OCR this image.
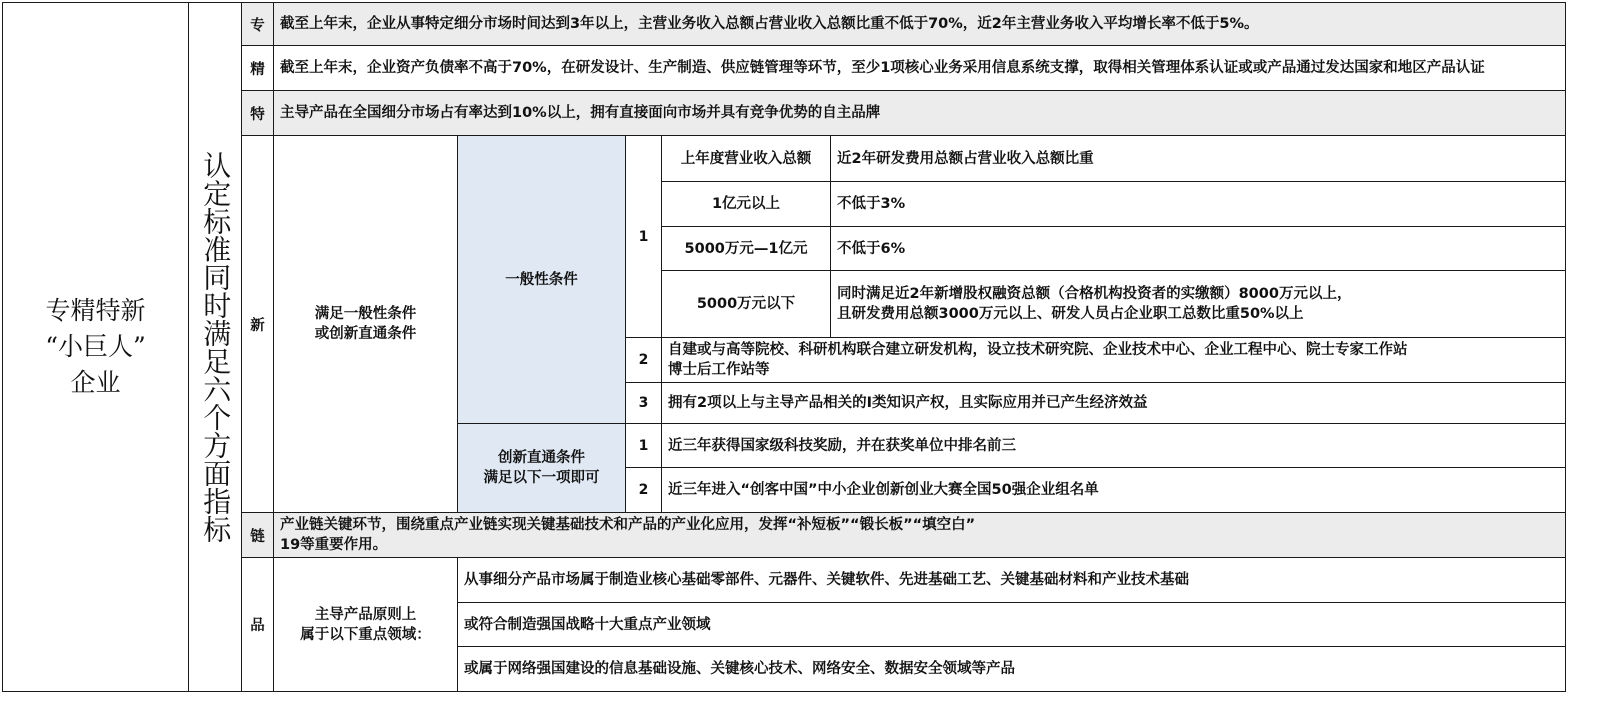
专精特新
“小巨人”
企业	认定标准同时满足六个方面指标
专 截至上年末，企业从事特定细分市场时间达到3年以上，主营业务收入总额占营业收入总额比重不低于70%，近2年主营业务收入平均增长率不低于5%。
精 截至上年末，企业资产负债率不高于70%，在研发设计、生产制造、供应链管理等环节，至少1项核心业务采用信息系统支撑，取得相关管理体系认证或或产品通过发达国家和地区产品认证
特 主导产品在全国细分市场占有率达到10%以上，拥有直接面向市场并具有竞争优势的自主品牌
新
满足一般性条件
或创新直通条件
一般性条件
1
上年度营业收入总额 近2年研发费用总额占营业收入总额比重
1亿元以上	不低于3%
5000万元—1亿元 不低于6%
5000万元以下
同时满足近2年新增股权融资总额（合格机构投资者的实缴额）8000万元以上，
且研发费用总额3000万元以上、研发人员占企业职工总数比重50%以上
2
自建或与高等院校、科研机构联合建立研发机构，设立技术研究院、企业技术中心、企业工程中心、院士专家工作站
博士后工作站等
3 拥有2项以上与主导产品相关的I类知识产权，且实际应用并已产生经济效益
创新直通条件
满足以下一项即可
1 近三年获得国家级科技奖励，并在获奖单位中排名前三
2 近三年进入“创客中国”中小企业创新创业大赛全国50强企业组名单
链
产业链关键环节，围绕重点产业链实现关键基础技术和产品的产业化应用，发挥“补短板”“锻长板”“填空白”
19等重要作用。
品
主导产品原则上
属于以下重点领域：
从事细分产品市场属于制造业核心基础零部件、元器件、关键软件、先进基础工艺、关键基础材料和产业技术基础
或符合制造强国战略十大重点产业领域
或属于网络强国建设的信息基础设施、关键核心技术、网络安全、数据安全领域等产品
